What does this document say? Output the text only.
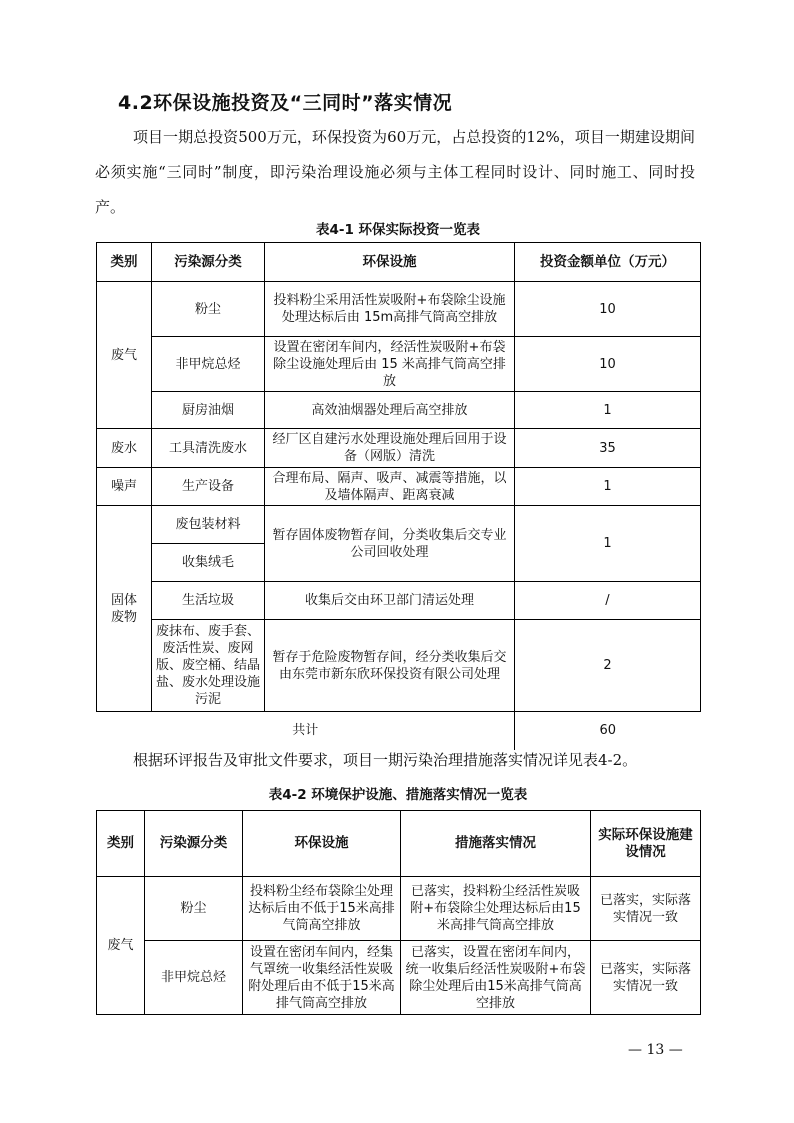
4.2环保设施投资及“三同时”落实情况
项目一期总投资500万元，环保投资为60万元，占总投资的12%，项目一期建设期间必须实施“三同时”制度，即污染治理设施必须与主体工程同时设计、同时施工、同时投产。
表4-1 环保实际投资一览表
类别	污染源分类	环保设施	投资金额单位（万元）
废气	粉尘	投料粉尘采用活性炭吸附+布袋除尘设施处理达标后由 15m高排气筒高空排放	10
	非甲烷总烃	设置在密闭车间内，经活性炭吸附+布袋除尘设施处理后由 15 米高排气筒高空排放	10
	厨房油烟	高效油烟器处理后高空排放	1
废水	工具清洗废水	经厂区自建污水处理设施处理后回用于设备（网版）清洗	35
噪声	生产设备	合理布局、隔声、吸声、减震等措施，以及墙体隔声、距离衰减	1
固体
废物	废包装材料	暂存固体废物暂存间，分类收集后交专业公司回收处理	1
	收集绒毛		
	生活垃圾	收集后交由环卫部门清运处理	/
	废抹布、废手套、废活性炭、废网版、废空桶、结晶盐、废水处理设施污泥	暂存于危险废物暂存间，经分类收集后交由东莞市新东欣环保投资有限公司处理	2
共计			60
根据环评报告及审批文件要求，项目一期污染治理措施落实情况详见表4-2。
表4-2 环境保护设施、措施落实情况一览表
类别	污染源分类	环保设施	措施落实情况	实际环保设施建设情况
废气	粉尘	投料粉尘经布袋除尘处理达标后由不低于15米高排气筒高空排放	已落实，投料粉尘经活性炭吸附+布袋除尘处理达标后由15米高排气筒高空排放	已落实，实际落实情况一致
	非甲烷总烃	设置在密闭车间内，经集气罩统一收集经活性炭吸附处理后由不低于15米高排气筒高空排放	已落实，设置在密闭车间内，统一收集后经活性炭吸附+布袋除尘处理后由15米高排气筒高空排放	已落实，实际落实情况一致
— 13 —
